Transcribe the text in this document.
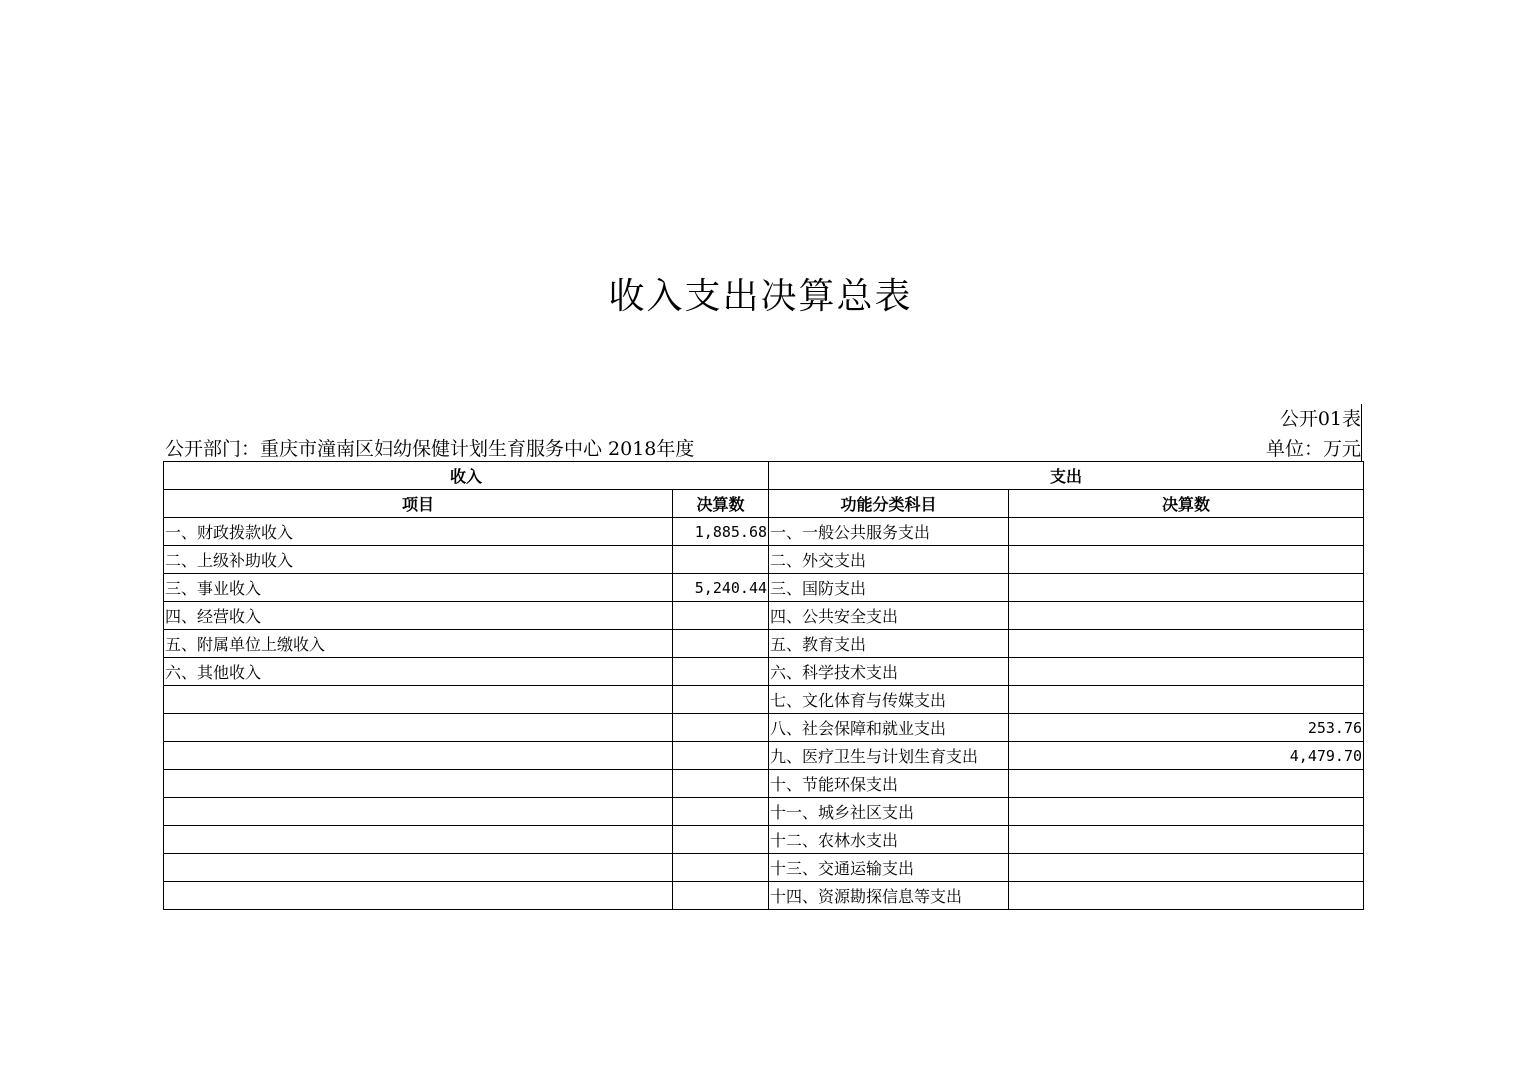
收入支出决算总表
公开01表
公开部门：重庆市潼南区妇幼保健计划生育服务中心 2018年度	单位：万元
收入		支出	
项目	决算数	功能分类科目	决算数
一、财政拨款收入	1,885.68	一、一般公共服务支出	
二、上级补助收入		二、外交支出	
三、事业收入	5,240.44	三、国防支出	
四、经营收入		四、公共安全支出	
五、附属单位上缴收入		五、教育支出	
六、其他收入		六、科学技术支出	
		七、文化体育与传媒支出	
		八、社会保障和就业支出	253.76
		九、医疗卫生与计划生育支出	4,479.70
		十、节能环保支出	
		十一、城乡社区支出	
		十二、农林水支出	
		十三、交通运输支出	
		十四、资源勘探信息等支出	
